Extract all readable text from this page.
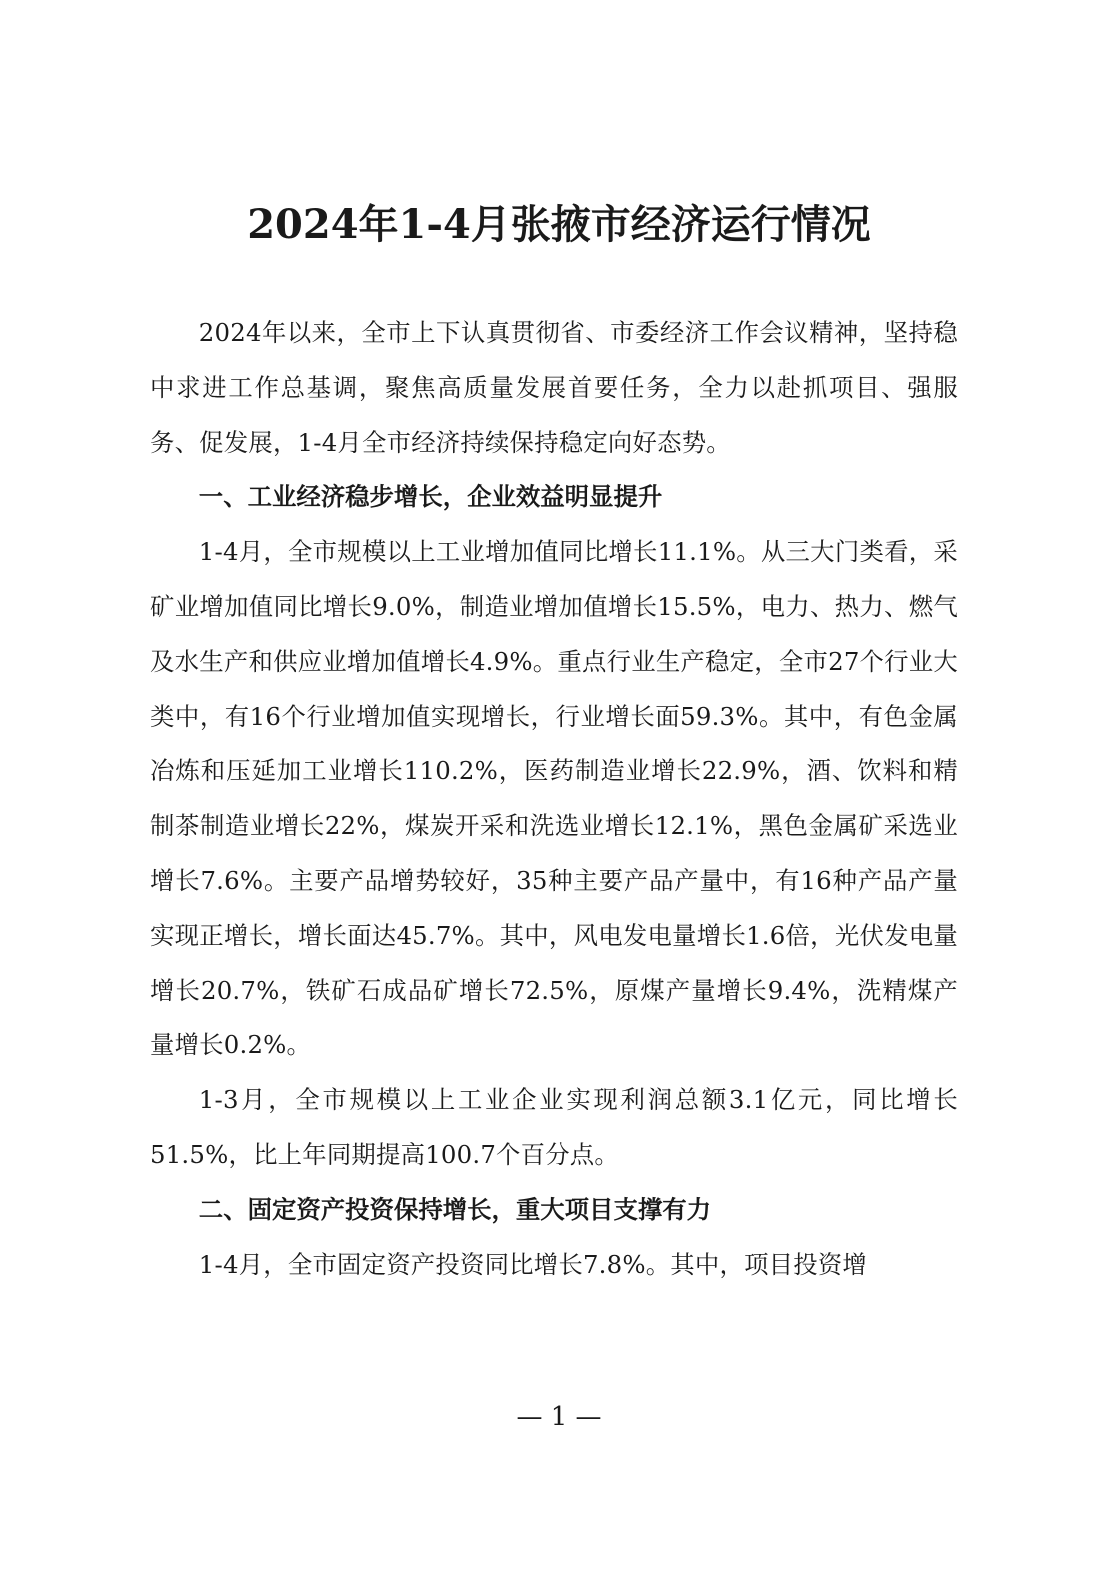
2024年1-4月张掖市经济运行情况

2024年以来，全市上下认真贯彻省、市委经济工作会议精神，坚持稳中求进工作总基调，聚焦高质量发展首要任务，全力以赴抓项目、强服务、促发展，1-4月全市经济持续保持稳定向好态势。

一、工业经济稳步增长，企业效益明显提升

1-4月，全市规模以上工业增加值同比增长11.1%。从三大门类看，采矿业增加值同比增长9.0%，制造业增加值增长15.5%，电力、热力、燃气及水生产和供应业增加值增长4.9%。重点行业生产稳定，全市27个行业大类中，有16个行业增加值实现增长，行业增长面59.3%。其中，有色金属冶炼和压延加工业增长110.2%，医药制造业增长22.9%，酒、饮料和精制茶制造业增长22%，煤炭开采和洗选业增长12.1%，黑色金属矿采选业增长7.6%。主要产品增势较好，35种主要产品产量中，有16种产品产量实现正增长，增长面达45.7%。其中，风电发电量增长1.6倍，光伏发电量增长20.7%，铁矿石成品矿增长72.5%，原煤产量增长9.4%，洗精煤产量增长0.2%。

1-3月，全市规模以上工业企业实现利润总额3.1亿元，同比增长51.5%，比上年同期提高100.7个百分点。

二、固定资产投资保持增长，重大项目支撑有力

1-4月，全市固定资产投资同比增长7.8%。其中，项目投资增

— 1 —
